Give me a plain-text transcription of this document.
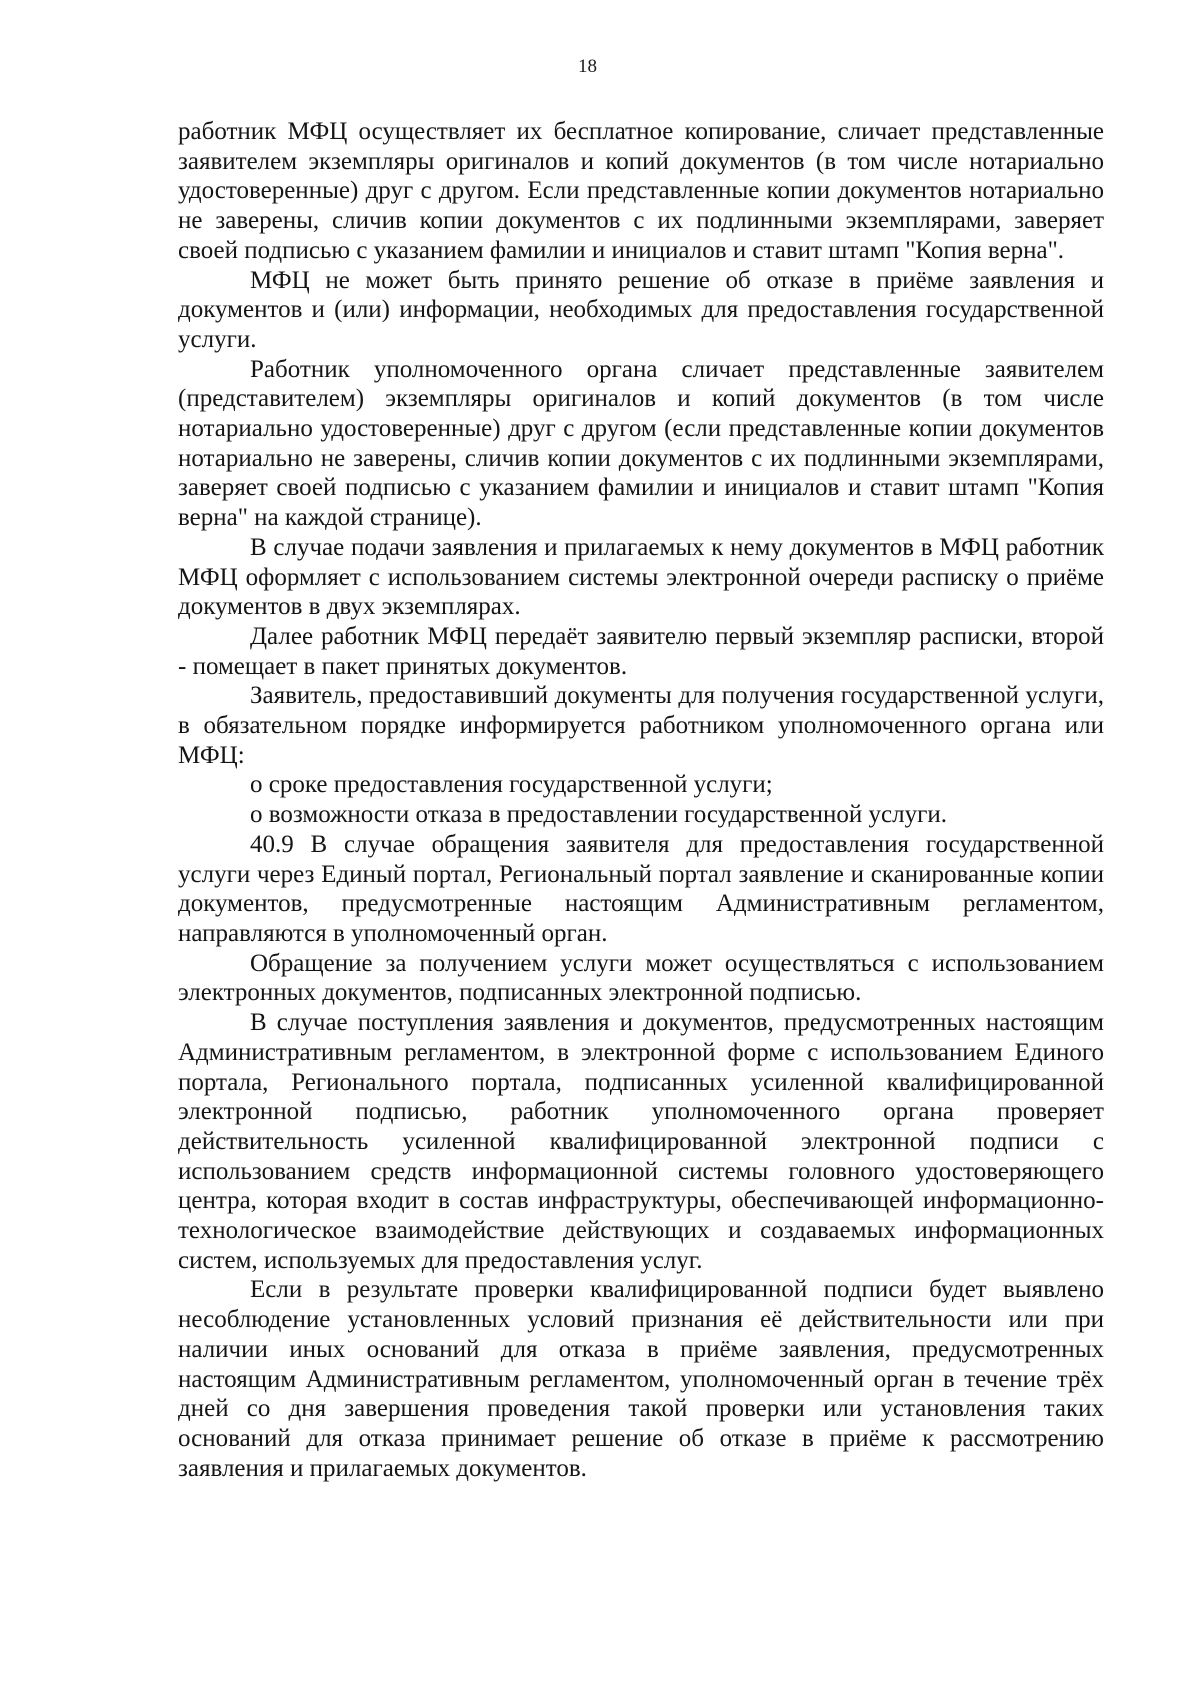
18

работник МФЦ осуществляет их бесплатное копирование, сличает представленные заявителем экземпляры оригиналов и копий документов (в том числе нотариально удостоверенные) друг с другом. Если представленные копии документов нотариально не заверены, сличив копии документов с их подлинными экземплярами, заверяет своей подписью с указанием фамилии и инициалов и ставит штамп "Копия верна".

МФЦ не может быть принято решение об отказе в приёме заявления и документов и (или) информации, необходимых для предоставления государственной услуги.

Работник уполномоченного органа сличает представленные заявителем (представителем) экземпляры оригиналов и копий документов (в том числе нотариально удостоверенные) друг с другом (если представленные копии документов нотариально не заверены, сличив копии документов с их подлинными экземплярами, заверяет своей подписью с указанием фамилии и инициалов и ставит штамп "Копия верна" на каждой странице).

В случае подачи заявления и прилагаемых к нему документов в МФЦ работник МФЦ оформляет с использованием системы электронной очереди расписку о приёме документов в двух экземплярах.

Далее работник МФЦ передаёт заявителю первый экземпляр расписки, второй - помещает в пакет принятых документов.

Заявитель, предоставивший документы для получения государственной услуги, в обязательном порядке информируется работником уполномоченного органа или МФЦ:

о сроке предоставления государственной услуги;

о возможности отказа в предоставлении государственной услуги.

40.9 В случае обращения заявителя для предоставления государственной услуги через Единый портал, Региональный портал заявление и сканированные копии документов, предусмотренные настоящим Административным регламентом, направляются в уполномоченный орган.

Обращение за получением услуги может осуществляться с использованием электронных документов, подписанных электронной подписью.

В случае поступления заявления и документов, предусмотренных настоящим Административным регламентом, в электронной форме с использованием Единого портала, Регионального портала, подписанных усиленной квалифицированной электронной подписью, работник уполномоченного органа проверяет действительность усиленной квалифицированной электронной подписи с использованием средств информационной системы головного удостоверяющего центра, которая входит в состав инфраструктуры, обеспечивающей информационно-технологическое взаимодействие действующих и создаваемых информационных систем, используемых для предоставления услуг.

Если в результате проверки квалифицированной подписи будет выявлено несоблюдение установленных условий признания её действительности или при наличии иных оснований для отказа в приёме заявления, предусмотренных настоящим Административным регламентом, уполномоченный орган в течение трёх дней со дня завершения проведения такой проверки или установления таких оснований для отказа принимает решение об отказе в приёме к рассмотрению заявления и прилагаемых документов.
